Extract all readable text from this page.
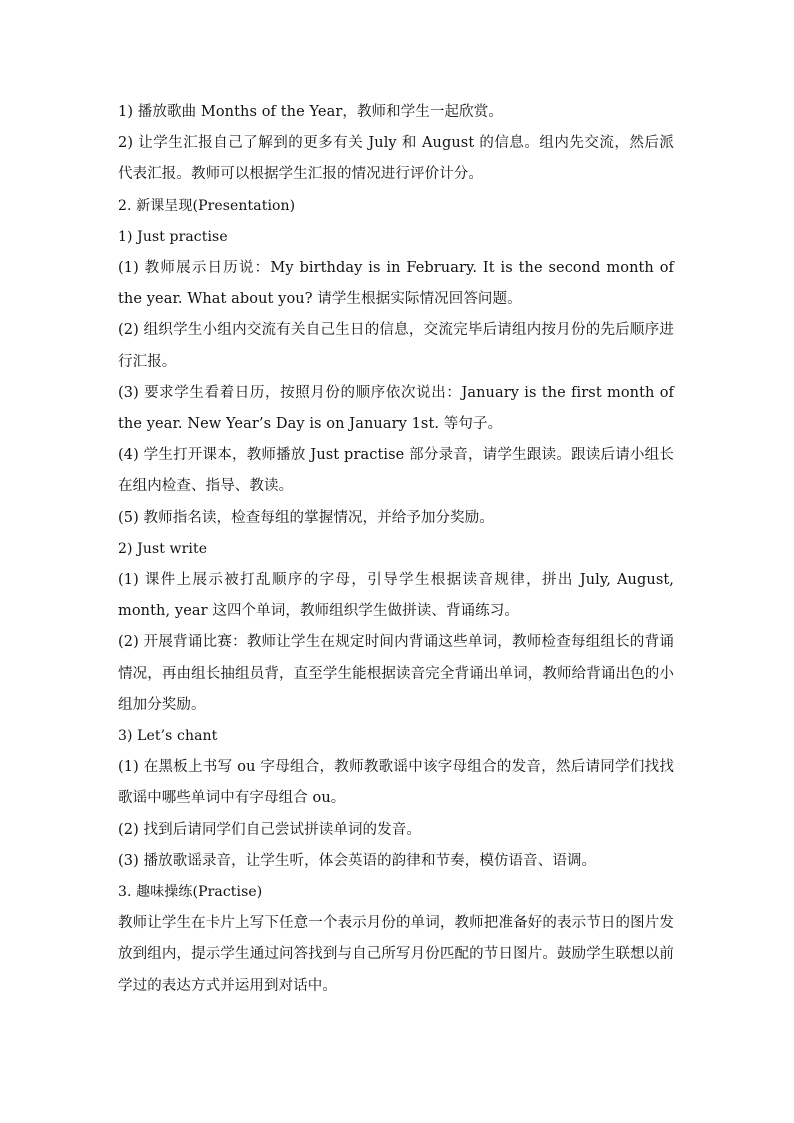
1) 播放歌曲 Months of the Year，教师和学生一起欣赏。
2) 让学生汇报自己了解到的更多有关 July 和 August 的信息。组内先交流，然后派代表汇报。教师可以根据学生汇报的情况进行评价计分。
2. 新课呈现(Presentation)
1) Just practise
(1) 教师展示日历说：My birthday is in February. It is the second month of the year. What about you? 请学生根据实际情况回答问题。
(2) 组织学生小组内交流有关自己生日的信息，交流完毕后请组内按月份的先后顺序进行汇报。
(3) 要求学生看着日历，按照月份的顺序依次说出：January is the first month of the year. New Year’s Day is on January 1st. 等句子。
(4) 学生打开课本，教师播放 Just practise 部分录音，请学生跟读。跟读后请小组长在组内检查、指导、教读。
(5) 教师指名读，检查每组的掌握情况，并给予加分奖励。
2) Just write
(1) 课件上展示被打乱顺序的字母，引导学生根据读音规律，拼出 July, August, month, year 这四个单词，教师组织学生做拼读、背诵练习。
(2) 开展背诵比赛：教师让学生在规定时间内背诵这些单词，教师检查每组组长的背诵情况，再由组长抽组员背，直至学生能根据读音完全背诵出单词，教师给背诵出色的小组加分奖励。
3) Let’s chant
(1) 在黑板上书写 ou 字母组合，教师教歌谣中该字母组合的发音，然后请同学们找找歌谣中哪些单词中有字母组合 ou。
(2) 找到后请同学们自己尝试拼读单词的发音。
(3) 播放歌谣录音，让学生听，体会英语的韵律和节奏，模仿语音、语调。
3. 趣味操练(Practise)
教师让学生在卡片上写下任意一个表示月份的单词，教师把准备好的表示节日的图片发放到组内，提示学生通过问答找到与自己所写月份匹配的节日图片。鼓励学生联想以前学过的表达方式并运用到对话中。
